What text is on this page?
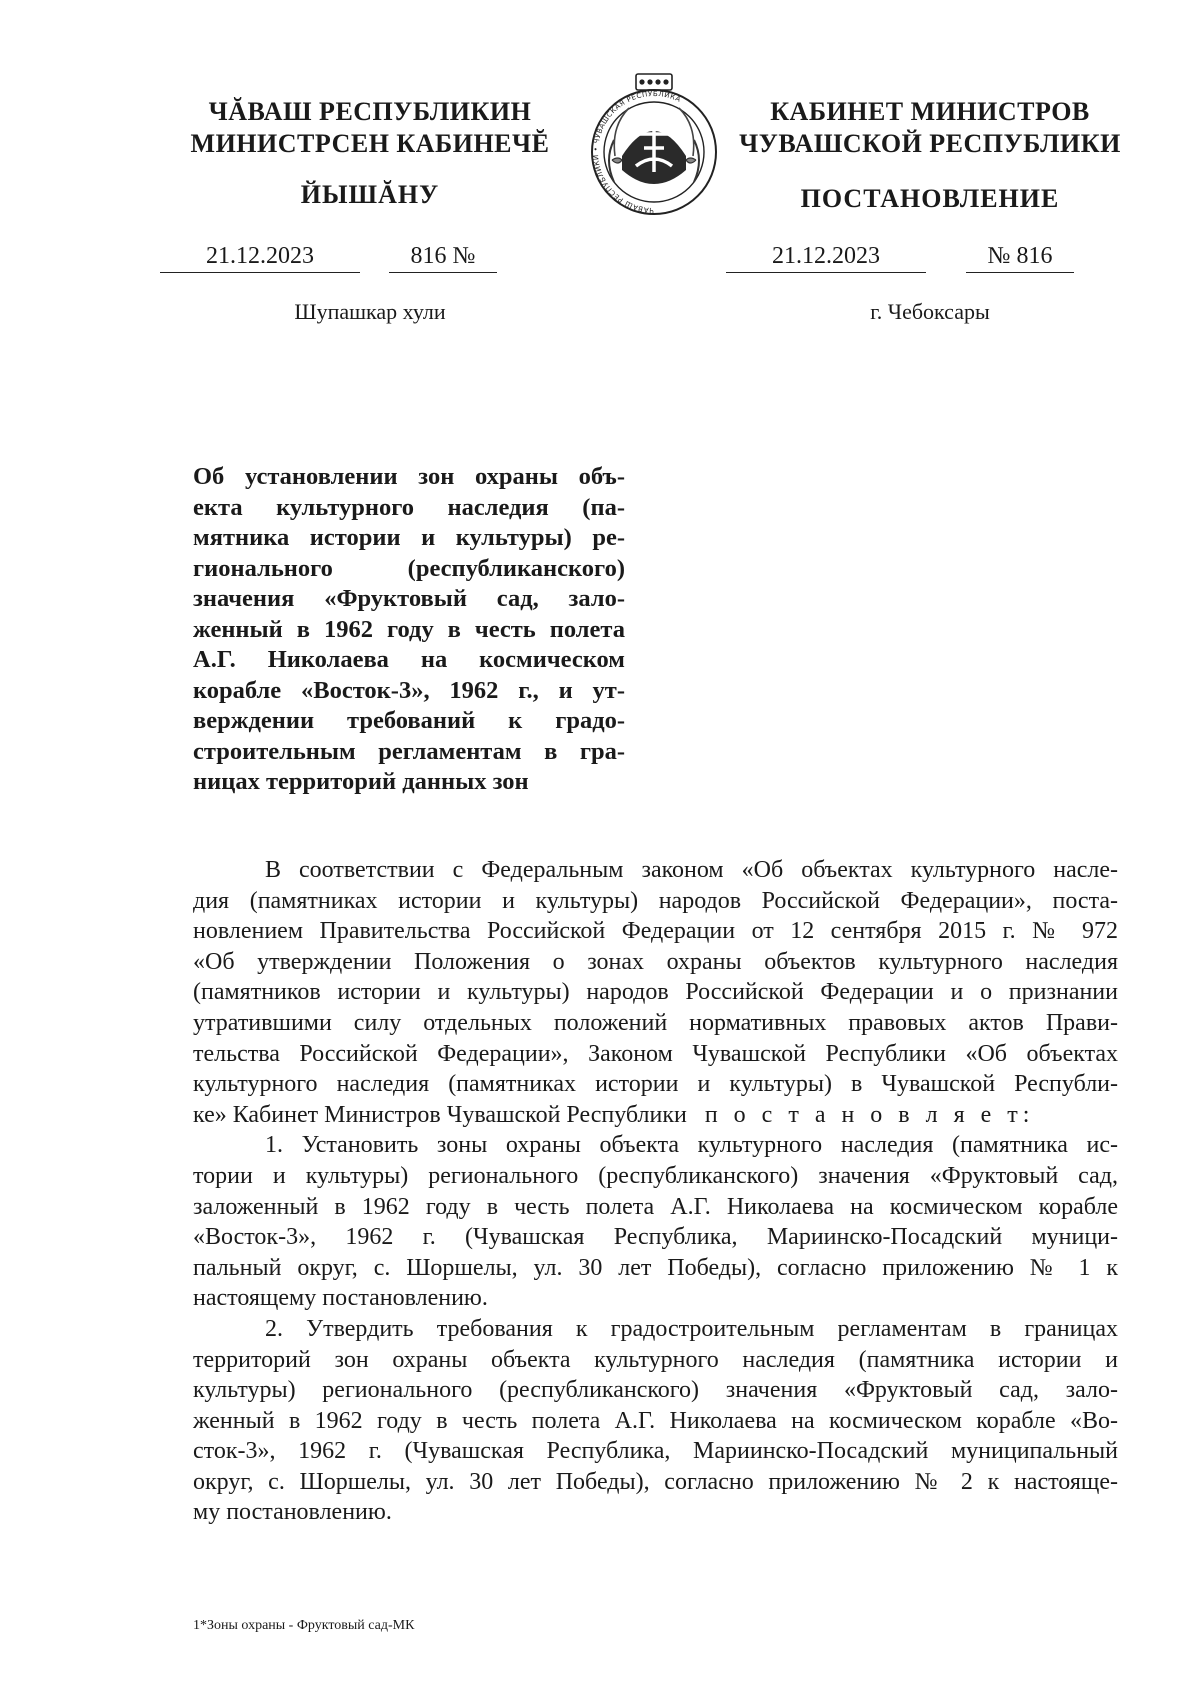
ЧĂВАШ РЕСПУБЛИКИН
МИНИСТРСЕН КАБИНЕЧĔ
ЙЫШĂНУ
ЧĂВАШ РЕСПУБЛИКИ • ЧУВАШСКАЯ РЕСПУБЛИКА	КАБИНЕТ МИНИСТРОВ
ЧУВАШСКОЙ РЕСПУБЛИКИ
ПОСТАНОВЛЕНИЕ
21.12.2023	816 №	21.12.2023	№ 816
Шупашкар хули	г. Чебоксары
Об установлении зон охраны объ-
екта культурного наследия (па-
мятника истории и культуры) ре-
гионального (республиканского)
значения «Фруктовый сад, зало-
женный в 1962 году в честь полета
А.Г. Николаева на космическом
корабле «Восток-3», 1962 г., и ут-
верждении требований к градо-
строительным регламентам в гра-
ницах территорий данных зон
В соответствии с Федеральным законом «Об объектах культурного насле-
дия (памятниках истории и культуры) народов Российской Федерации», поста-
новлением Правительства Российской Федерации от 12 сентября 2015 г. № 972
«Об утверждении Положения о зонах охраны объектов культурного наследия
(памятников истории и культуры) народов Российской Федерации и о признании
утратившими силу отдельных положений нормативных правовых актов Прави-
тельства Российской Федерации», Законом Чувашской Республики «Об объектах
культурного наследия (памятниках истории и культуры) в Чувашской Республи-
ке» Кабинет Министров Чувашской Республики п о с т а н о в л я е т:
1. Установить зоны охраны объекта культурного наследия (памятника ис-
тории и культуры) регионального (республиканского) значения «Фруктовый сад,
заложенный в 1962 году в честь полета А.Г. Николаева на космическом корабле
«Восток-3», 1962 г. (Чувашская Республика, Мариинско-Посадский муници-
пальный округ, с. Шоршелы, ул. 30 лет Победы), согласно приложению № 1 к
настоящему постановлению.
2. Утвердить требования к градостроительным регламентам в границах
территорий зон охраны объекта культурного наследия (памятника истории и
культуры) регионального (республиканского) значения «Фруктовый сад, зало-
женный в 1962 году в честь полета А.Г. Николаева на космическом корабле «Во-
сток-3», 1962 г. (Чувашская Республика, Мариинско-Посадский муниципальный
округ, с. Шоршелы, ул. 30 лет Победы), согласно приложению № 2 к настояще-
му постановлению.
1*Зоны охраны - Фруктовый сад-МК
